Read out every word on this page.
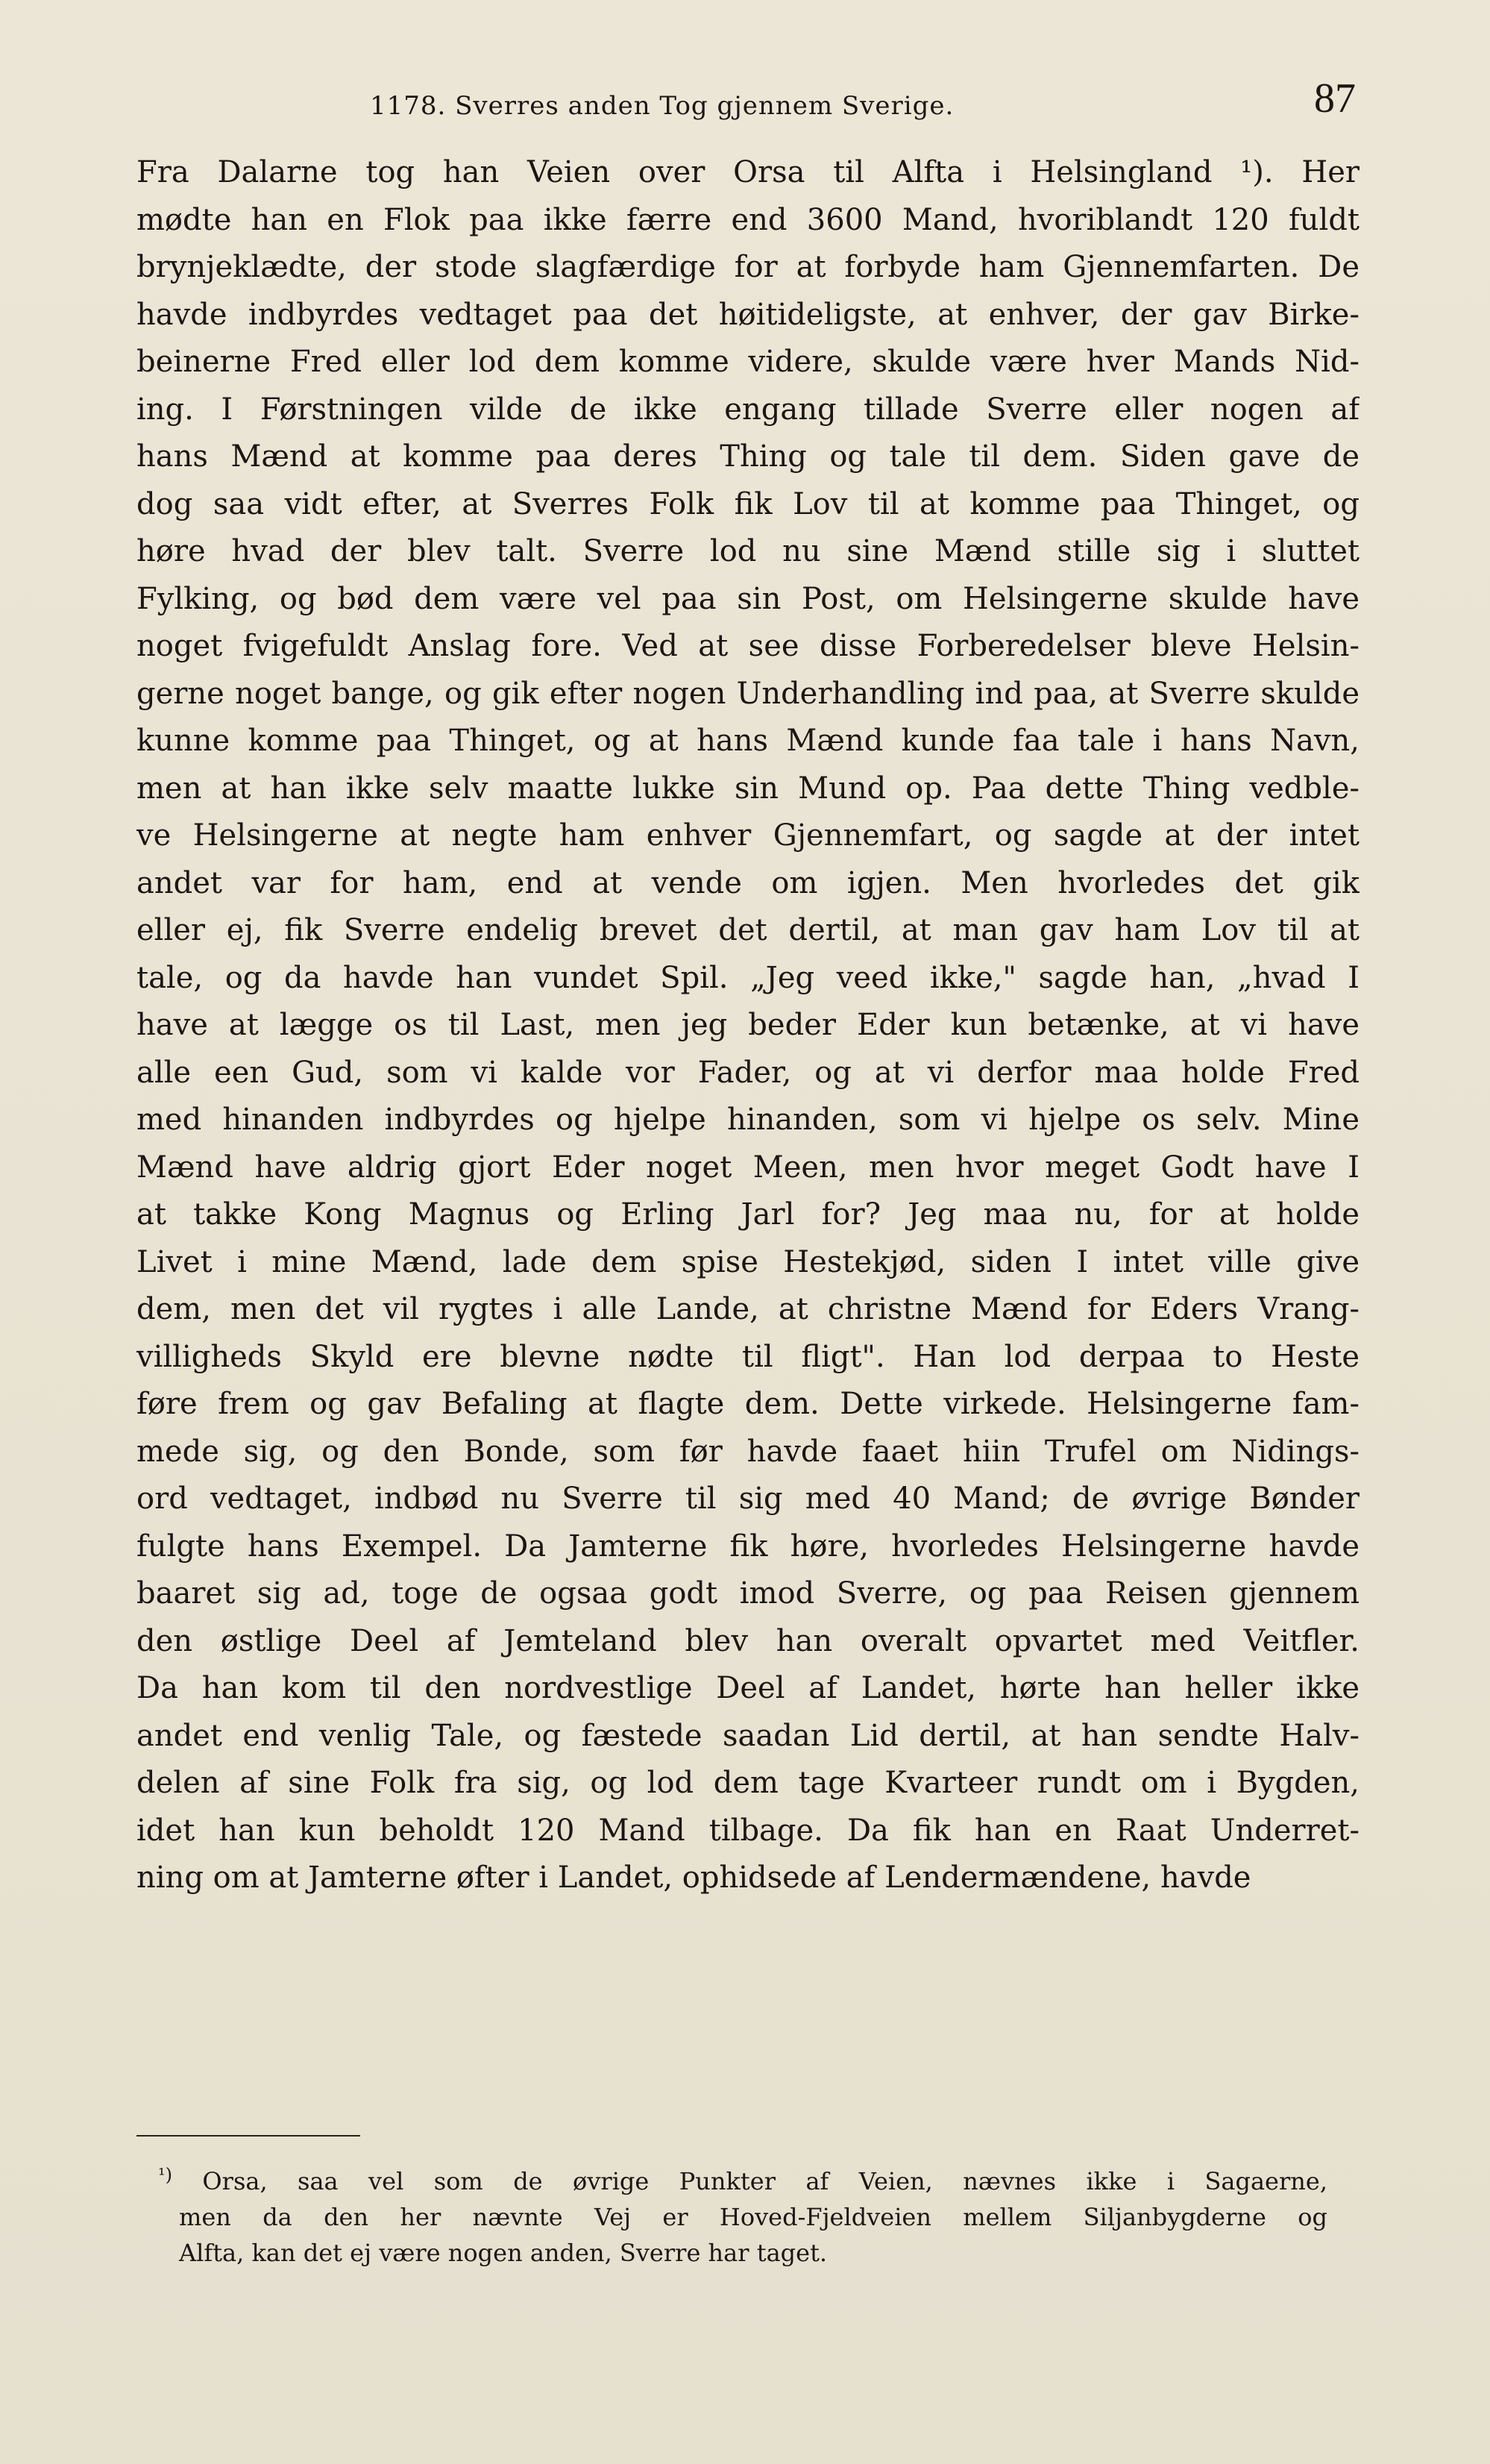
1178. Sverres anden Tog gjennem Sverige.	87
Fra Dalarne tog han Veien over Orsa til Alfta i Helsingland ¹). Her
mødte han en Flok paa ikke færre end 3600 Mand, hvoriblandt 120 fuldt
brynjeklædte, der stode slagfærdige for at forbyde ham Gjennemfarten. De
havde indbyrdes vedtaget paa det høitideligste, at enhver, der gav Birke-
beinerne Fred eller lod dem komme videre, skulde være hver Mands Nid-
ing. I Førstningen vilde de ikke engang tillade Sverre eller nogen af
hans Mænd at komme paa deres Thing og tale til dem. Siden gave de
dog saa vidt efter, at Sverres Folk fik Lov til at komme paa Thinget, og
høre hvad der blev talt. Sverre lod nu sine Mænd stille sig i sluttet
Fylking, og bød dem være vel paa sin Post, om Helsingerne skulde have
noget fvigefuldt Anslag fore. Ved at see disse Forberedelser bleve Helsin-
gerne noget bange, og gik efter nogen Underhandling ind paa, at Sverre skulde
kunne komme paa Thinget, og at hans Mænd kunde faa tale i hans Navn,
men at han ikke selv maatte lukke sin Mund op. Paa dette Thing vedble-
ve Helsingerne at negte ham enhver Gjennemfart, og sagde at der intet
andet var for ham, end at vende om igjen. Men hvorledes det gik
eller ej, fik Sverre endelig brevet det dertil, at man gav ham Lov til at
tale, og da havde han vundet Spil. „Jeg veed ikke," sagde han, „hvad I
have at lægge os til Last, men jeg beder Eder kun betænke, at vi have
alle een Gud, som vi kalde vor Fader, og at vi derfor maa holde Fred
med hinanden indbyrdes og hjelpe hinanden, som vi hjelpe os selv. Mine
Mænd have aldrig gjort Eder noget Meen, men hvor meget Godt have I
at takke Kong Magnus og Erling Jarl for? Jeg maa nu, for at holde
Livet i mine Mænd, lade dem spise Hestekjød, siden I intet ville give
dem, men det vil rygtes i alle Lande, at christne Mænd for Eders Vrang-
villigheds Skyld ere blevne nødte til fligt". Han lod derpaa to Heste
føre frem og gav Befaling at flagte dem. Dette virkede. Helsingerne fam-
mede sig, og den Bonde, som før havde faaet hiin Trufel om Nidings-
ord vedtaget, indbød nu Sverre til sig med 40 Mand; de øvrige Bønder
fulgte hans Exempel. Da Jamterne fik høre, hvorledes Helsingerne havde
baaret sig ad, toge de ogsaa godt imod Sverre, og paa Reisen gjennem
den østlige Deel af Jemteland blev han overalt opvartet med Veitfler.
Da han kom til den nordvestlige Deel af Landet, hørte han heller ikke
andet end venlig Tale, og fæstede saadan Lid dertil, at han sendte Halv-
delen af sine Folk fra sig, og lod dem tage Kvarteer rundt om i Bygden,
idet han kun beholdt 120 Mand tilbage. Da fik han en Raat Underret-
ning om at Jamterne øfter i Landet, ophidsede af Lendermændene, havde
$^{^1)}$ Orsa, saa vel som de øvrige Punkter af Veien, nævnes ikke i Sagaerne,
men da den her nævnte Vej er Hoved-Fjeldveien mellem Siljanbygderne og
Alfta, kan det ej være nogen anden, Sverre har taget.
